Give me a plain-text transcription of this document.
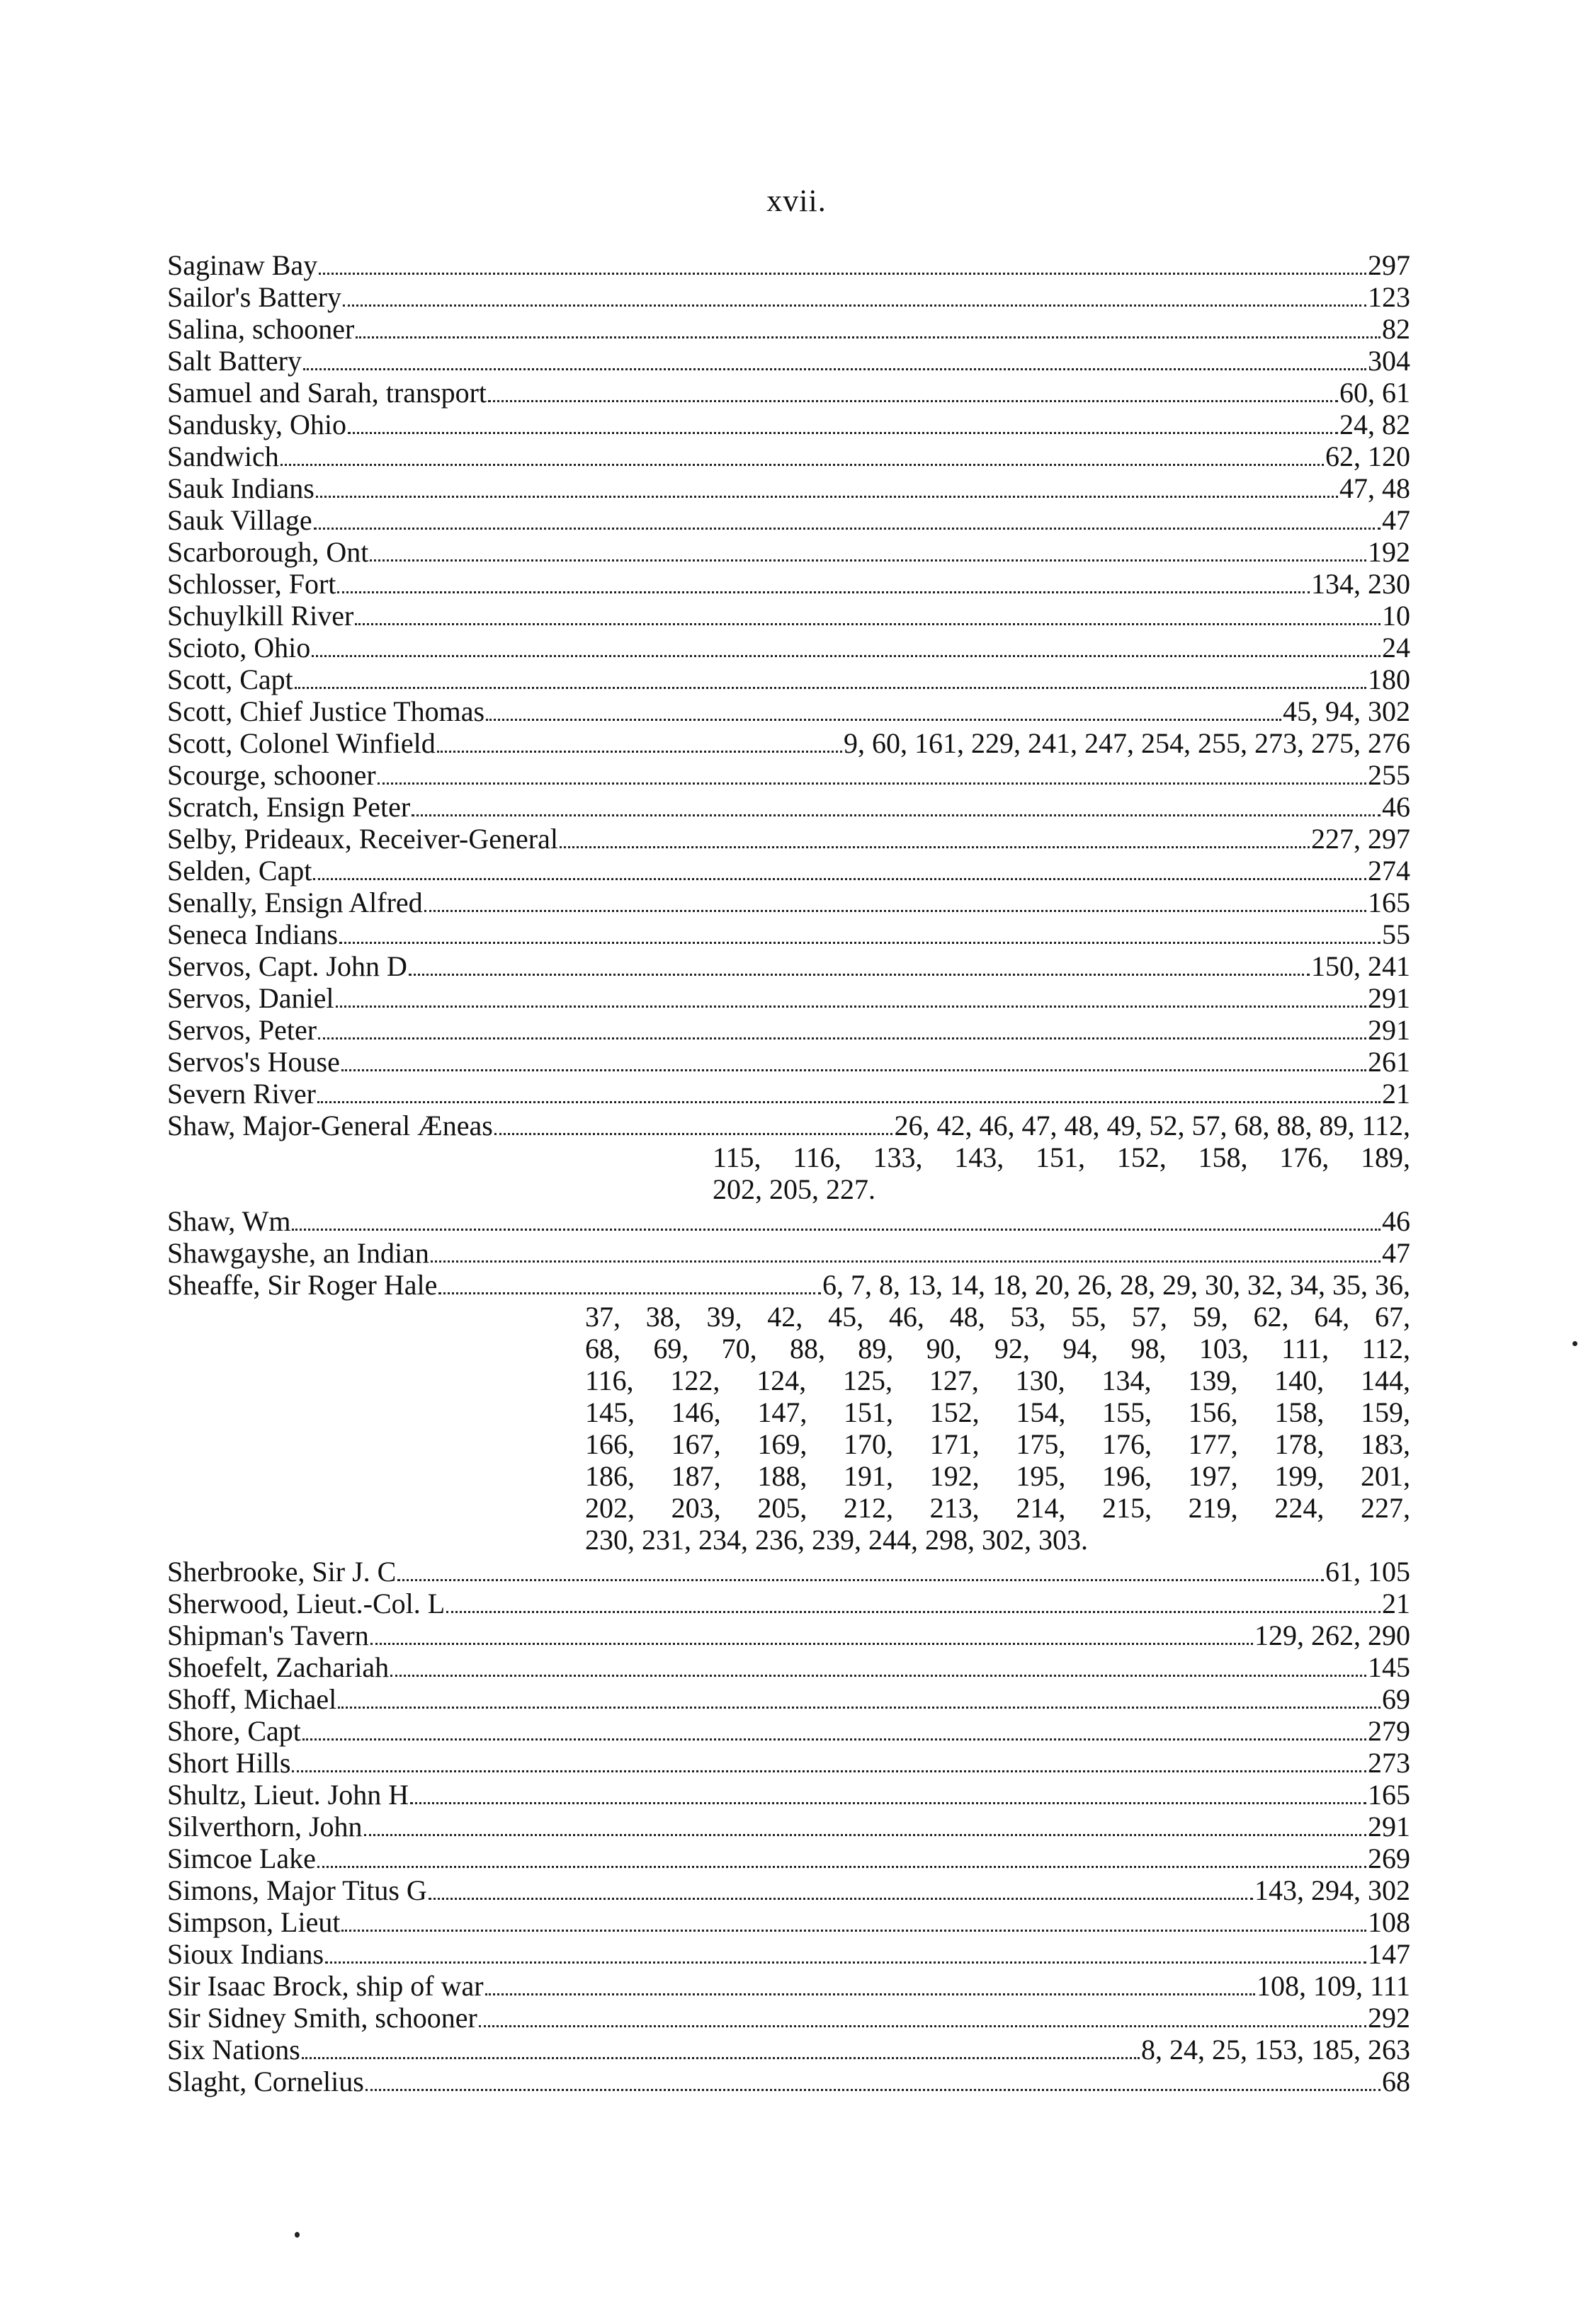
xvii.
Saginaw Bay	297
Sailor's Battery	123
Salina, schooner	82
Salt Battery	304
Samuel and Sarah, transport	60, 61
Sandusky, Ohio	24, 82
Sandwich	62, 120
Sauk Indians	47, 48
Sauk Village	47
Scarborough, Ont	192
Schlosser, Fort	134, 230
Schuylkill River	10
Scioto, Ohio	24
Scott, Capt	180
Scott, Chief Justice Thomas	45, 94, 302
Scott, Colonel Winfield	9, 60, 161, 229, 241, 247, 254, 255, 273, 275, 276
Scourge, schooner	255
Scratch, Ensign Peter	46
Selby, Prideaux, Receiver-General	227, 297
Selden, Capt	274
Senally, Ensign Alfred	165
Seneca Indians	55
Servos, Capt. John D	150, 241
Servos, Daniel	291
Servos, Peter	291
Servos's House	261
Severn River	21
Shaw, Major-General Æneas	26, 42, 46, 47, 48, 49, 52, 57, 68, 88, 89, 112,
115, 116, 133, 143, 151, 152, 158, 176, 189,
202, 205, 227.
Shaw, Wm	46
Shawgayshe, an Indian	47
Sheaffe, Sir Roger Hale	6, 7, 8, 13, 14, 18, 20, 26, 28, 29, 30, 32, 34, 35, 36,
37, 38, 39, 42, 45, 46, 48, 53, 55, 57, 59, 62, 64, 67,
68, 69, 70, 88, 89, 90, 92, 94, 98, 103, 111, 112,
116, 122, 124, 125, 127, 130, 134, 139, 140, 144,
145, 146, 147, 151, 152, 154, 155, 156, 158, 159,
166, 167, 169, 170, 171, 175, 176, 177, 178, 183,
186, 187, 188, 191, 192, 195, 196, 197, 199, 201,
202, 203, 205, 212, 213, 214, 215, 219, 224, 227,
230, 231, 234, 236, 239, 244, 298, 302, 303.
Sherbrooke, Sir J. C	61, 105
Sherwood, Lieut.-Col. L	21
Shipman's Tavern	129, 262, 290
Shoefelt, Zachariah	145
Shoff, Michael	69
Shore, Capt	279
Short Hills	273
Shultz, Lieut. John H	165
Silverthorn, John	291
Simcoe Lake	269
Simons, Major Titus G	143, 294, 302
Simpson, Lieut	108
Sioux Indians	147
Sir Isaac Brock, ship of war	108, 109, 111
Sir Sidney Smith, schooner	292
Six Nations	8, 24, 25, 153, 185, 263
Slaght, Cornelius	68
